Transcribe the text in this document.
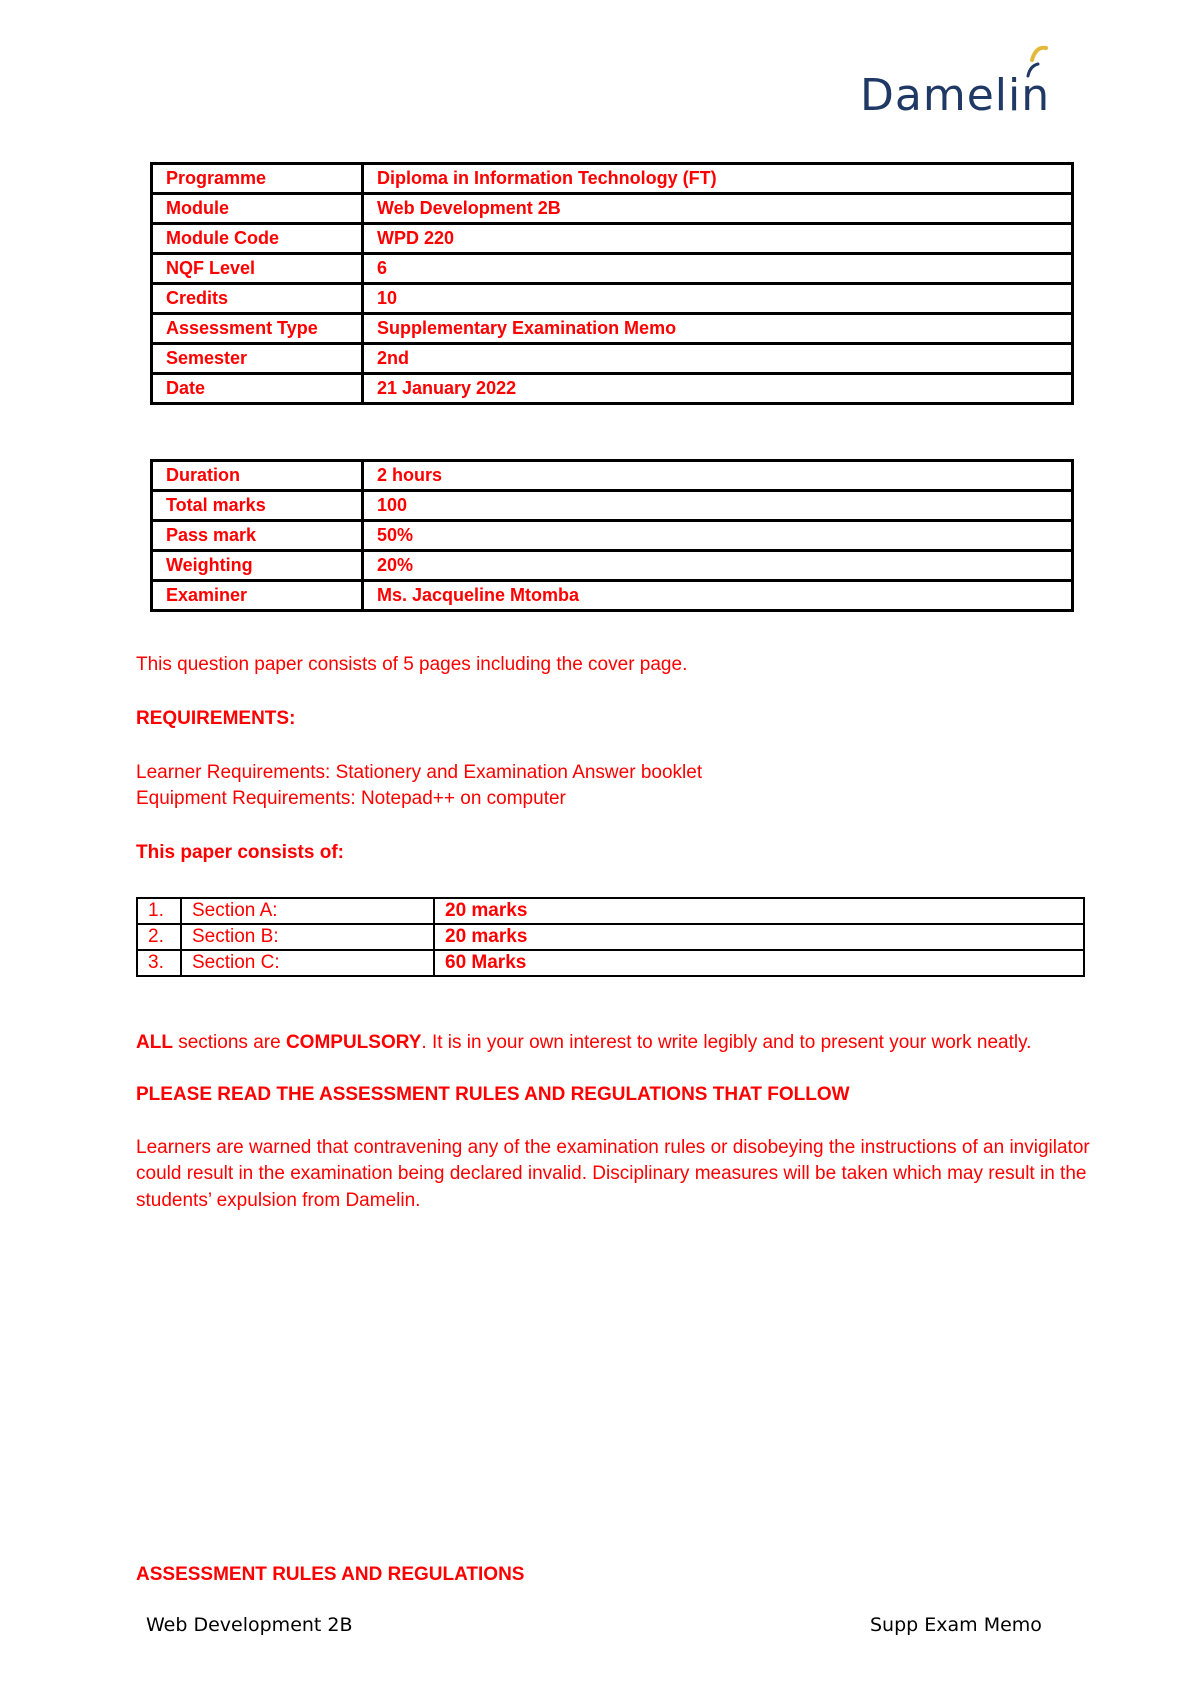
Damelin
Programme	Diploma in Information Technology (FT)
Module	Web Development 2B
Module Code	WPD 220
NQF Level	6
Credits	10
Assessment Type	Supplementary Examination Memo
Semester	2nd
Date	21 January 2022
Duration	2 hours
Total marks	100
Pass mark	50%
Weighting	20%
Examiner	Ms. Jacqueline Mtomba

This question paper consists of 5 pages including the cover page.

REQUIREMENTS:

Learner Requirements: Stationery and Examination Answer booklet

Equipment Requirements: Notepad++ on computer

This paper consists of:

1.	Section A:	20 marks
2.	Section B:	20 marks
3.	Section C:	60 Marks

ALL sections are COMPULSORY. It is in your own interest to write legibly and to present your work neatly.

PLEASE READ THE ASSESSMENT RULES AND REGULATIONS THAT FOLLOW

Learners are warned that contravening any of the examination rules or disobeying the instructions of an invigilator

could result in the examination being declared invalid. Disciplinary measures will be taken which may result in the

students’ expulsion from Damelin.

ASSESSMENT RULES AND REGULATIONS

Web Development 2B	Supp Exam Memo
